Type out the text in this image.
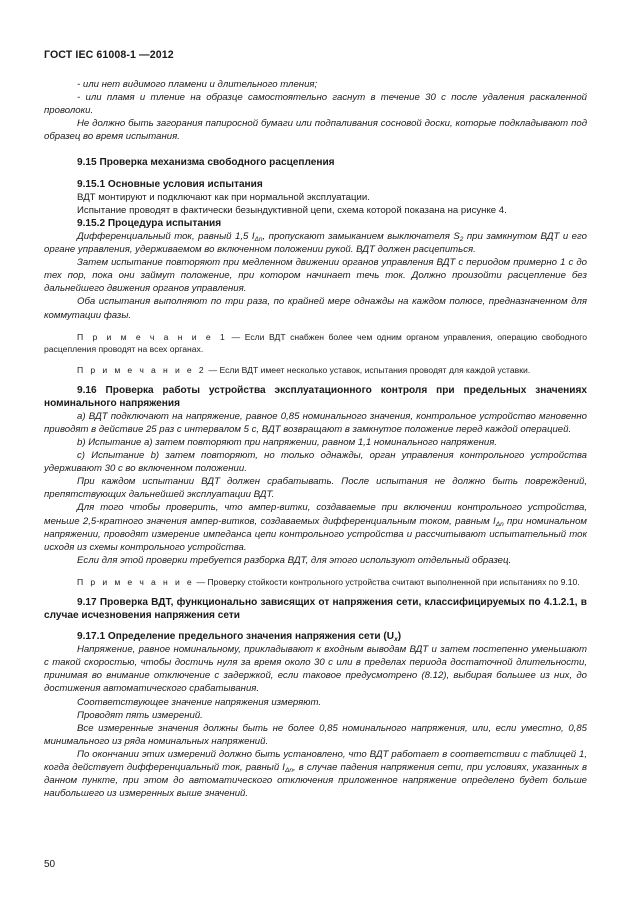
ГОСТ IEC 61008-1 —2012

- или нет видимого пламени и длительного тления;

- или пламя и тление на образце самостоятельно гаснут в течение 30 с после удаления раскаленной проволоки.

Не должно быть загорания папиросной бумаги или подпаливания сосновой доски, которые подкладывают под образец во время испытания.

9.15 Проверка механизма свободного расцепления

9.15.1 Основные условия испытания

ВДТ монтируют и подключают как при нормальной эксплуатации.

Испытание проводят в фактически безындуктивной цепи, схема которой показана на рисунке 4.

9.15.2 Процедура испытания

Дифференциальный ток, равный 1,5 $I_{\Delta n}$, пропускают замыканием выключателя $S_2$ при замкнутом ВДТ и его органе управления, удерживаемом во включенном положении рукой. ВДТ должен расцепиться.

Затем испытание повторяют при медленном движении органов управления ВДТ с периодом примерно 1 с до тех пор, пока они займут положение, при котором начинает течь ток. Должно произойти расцепление без дальнейшего движения органов управления.

Оба испытания выполняют по три раза, по крайней мере однажды на каждом полюсе, предназначенном для коммутации фазы.

П р и м е ч а н и е 1 — Если ВДТ снабжен более чем одним органом управления, операцию свободного расцепления проводят на всех органах.

П р и м е ч а н и е 2 — Если ВДТ имеет несколько уставок, испытания проводят для каждой уставки.

9.16 Проверка работы устройства эксплуатационного контроля при предельных значениях номинального напряжения

а) ВДТ подключают на напряжение, равное 0,85 номинального значения, контрольное устройство мгновенно приводят в действие 25 раз с интервалом 5 с, ВДТ возвращают в замкнутое положение перед каждой операцией.

b) Испытание а) затем повторяют при напряжении, равном 1,1 номинального напряжения.

c) Испытание b) затем повторяют, но только однажды, орган управления контрольного устройства удерживают 30 с во включенном положении.

При каждом испытании ВДТ должен срабатывать. После испытания не должно быть повреждений, препятствующих дальнейшей эксплуатации ВДТ.

Для того чтобы проверить, что ампер-витки, создаваемые при включении контрольного устройства, меньше 2,5-кратного значения ампер-витков, создаваемых дифференциальным током, равным $I_{\Delta n}$ при номинальном напряжении, проводят измерение импеданса цепи контрольного устройства и рассчитывают испытательный ток исходя из схемы контрольного устройства.

Если для этой проверки требуется разборка ВДТ, для этого используют отдельный образец.

П р и м е ч а н и е — Проверку стойкости контрольного устройства считают выполненной при испытаниях по 9.10.

9.17 Проверка ВДТ, функционально зависящих от напряжения сети, классифицируемых по 4.1.2.1, в случае исчезновения напряжения сети

9.17.1 Определение предельного значения напряжения сети $(U_x)$

Напряжение, равное номинальному, прикладывают к входным выводам ВДТ и затем постепенно уменьшают с такой скоростью, чтобы достичь нуля за время около 30 с или в пределах периода достаточной длительности, принимая во внимание отключение с задержкой, если таковое предусмотрено (8.12), выбирая большее из них, до достижения автоматического срабатывания.

Соответствующее значение напряжения измеряют.

Проводят пять измерений.

Все измеренные значения должны быть не более 0,85 номинального напряжения, или, если уместно, 0,85 минимального из ряда номинальных напряжений.

По окончании этих измерений должно быть установлено, что ВДТ работает в соответствии с таблицей 1, когда действует дифференциальный ток, равный $I_{\Delta n}$, в случае падения напряжения сети, при условиях, указанных в данном пункте, при этом до автоматического отключения приложенное напряжение определено будет больше наибольшего из измеренных выше значений.

50
